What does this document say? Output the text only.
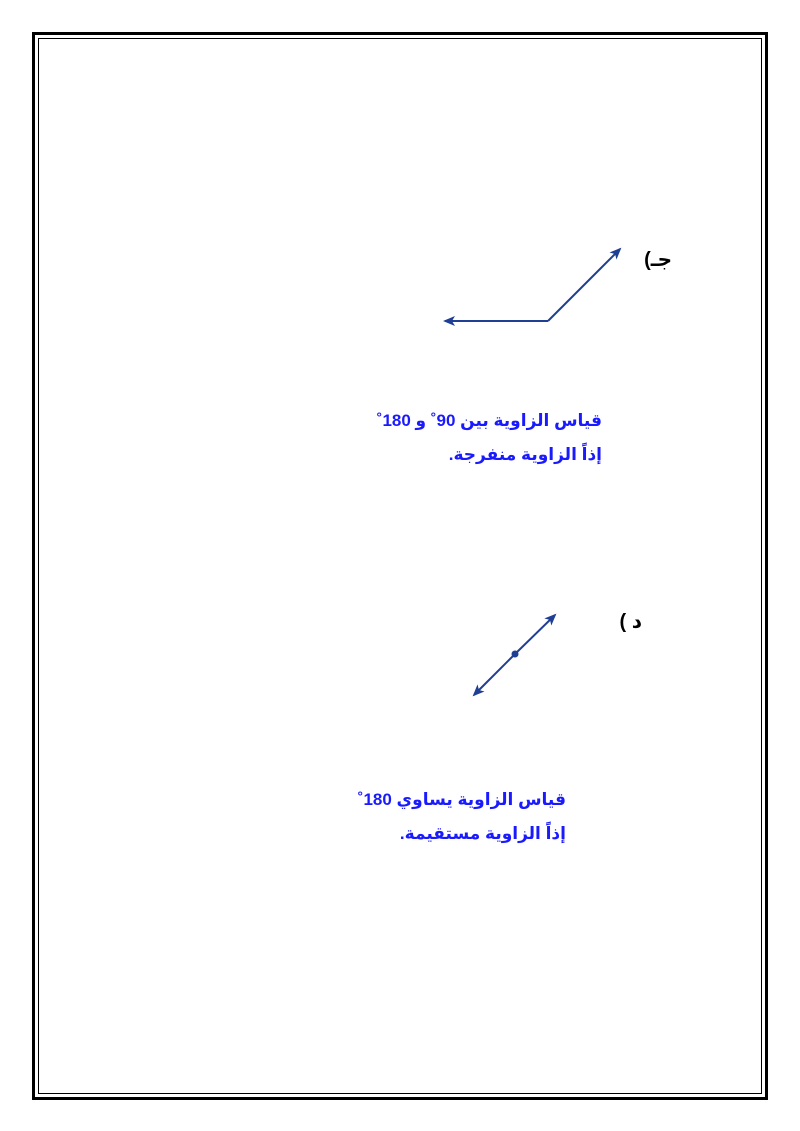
جـ)
قياس الزاوية بين 90˚ و 180˚
إذاً الزاوية منفرجة.
د )
قياس الزاوية يساوي 180˚
إذاً الزاوية مستقيمة.
